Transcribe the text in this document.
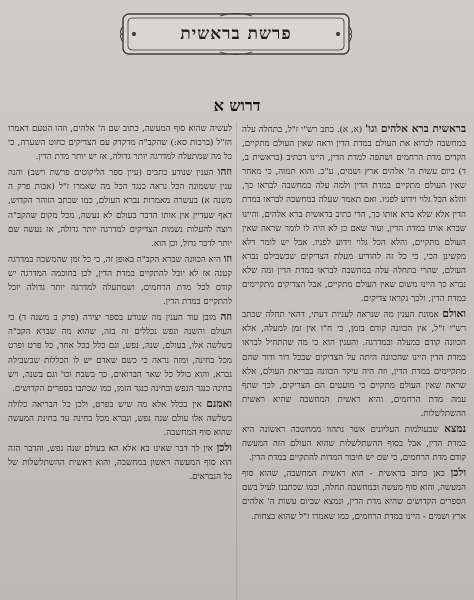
פרשת בראשית
דרוש א

בראשית ברא אלהים וגו' (א, א). כתב רש"י ז"ל, בתחלה עלה במחשבה לברוא את העולם במדת הדין וראה שאין העולם מתקיים, הקדים מדת הרחמים ושתפה למדת הדין, היינו דכתיב (בראשית ב, ד) ביום עשות ה' אלהים ארץ ושמים, ע"כ. והוא תמוה, כי מאחר שאין העולם מתקיים במדת הדין ולמה עלה במחשבה לבראו כך, והלא הכל גלוי וידוע לפניו. ואם תאמר שעלה במחשבה לבראו במדת הדין אלא שלא ברא אותו כך, הרי כתיב בראשית ברא אלהים, והיינו שברא אותו במדת הדין, ועוד שאם כן לא היה לו לומר שראה שאין העולם מתקיים, והלא הכל גלוי וידוע לפניו. אבל יש לומר דלא מקשינן הכי, כי כל זה להודיע מעלת הצדיקים שבשבילם נברא העולם, שהרי בתחלה עלה במחשבה לבראו במדת הדין ומה שלא נברא כך היינו משום שאין העולם מתקיים, אבל הצדיקים מתקיימים במדת הדין, ולכך נקראו צדיקים.

ואולם אמונת הענין מה שנראה לעניות דעתי, דהאי תחלה שכתב רש"י ז"ל, אין הכוונה קודם בזמן, כי ח"ו אין זמן למעלה, אלא הכוונה קודם במעלה ובמדרגה. והענין הוא כי מה שהתחיל לבראו במדת הדין היינו שהכוונה היתה על הצדיקים שבכל דור ודור שהם מתקיימים במדת הדין, וזה היה עיקר הכוונה בבריאת העולם, אלא שראה שאין העולם מתקיים כי מועטים הם הצדיקים, לכך שתף עמה מדת הרחמים, והיא ראשית המחשבה שהיא ראשית ההשתלשלות.

נמצא שבעולמות העליונים אשר נתהוו ממחשבה ראשונה היא במדת הדין, אבל בסוף ההשתלשלות שהוא העולם הזה המעשה קודם מדת הרחמים, כי שם יש חיבור המדות להתקיים במדת הדין.

ולכן כאן כתוב בראשית - הוא ראשית המחשבה, שהוא סוף המעשה, והוא סוף מעשה ובמחשבה תחלה, וכמו שכתבנו לעיל בשם הספרים הקדושים שהיא מדת הדין, ונמצא שביום עשות ה' אלהים ארץ ושמים - היינו במדת הרחמים, כמו שאמרו ז"ל שהוא בצחות.

לעשיה שהוא סוף המעשה, כתוב שם ה' אלהים, וזהו הטעם דאמרו חז"ל (ברכות סא:) שהקב"ה מדקדק עם הצדיקים כחוט השערה, כי כל מה שמתעלה למדרגה יותר גדולה, אז יש יותר מדת הדין.

וזהו הענין שנודע כתבים (עיין ספר הליקוטים פרשת וישב) והנה ענין ששמונה הכל נראה כנגד הכל מה שאמרו ז"ל (אבות פרק ה משנה א) בעשרה מאמרות נברא העולם, כמו שכתב הזוהר הקדוש, דאף שעדיין אין אותו הדבר בעולם לא נעשה, מכל מקום שהקב"ה רוצה להעלות נשמות הצדיקים למדרגה יותר גדולה, אז נעשה שם יותר לדבר גדול, וכן הוא.

וזו היא הכוונה שברא הקב"ה באופן זה, כי כל זמן שהמשכה במדרגה קטנה אז לא יוכל להתקיים במדת הדין, לכן בחוכמה המדרגה יש קודם לכל מדת הרחמים, ושמתעלה למדרגה יותר גדולה יוכל להתקיים במדת הדין.

וזה מובן עוד הענין מה שנודע בספר יצירה (פרק ב משנה ד) כי העולם והשנה ונפש נכללים זה בזה, שהוא מה שברא הקב"ה בשלשה אלו, בעולם, שנה, נפש, וגם כלל בכל אחד, כל פרט ופרט מכל בחינה, ומזה נראה כי כשם שאדם יש לו הכללות שבשבילה נברא, והוא כולל כל שאר הברואים, כך בשבת וכו' וגם בשנה, ויש בחינה כנגד הנפש ובחינה כנגד הזמן, כמו שכתבו בספרים הקדושים.

ואמנם אין בכלל אלא מה שיש בפרט, ולכן כל הבריאה כלולה בשלשה אלו עולם שנה נפש, ונברא מכל בחינה עד בחינת המעשה שהוא סוף המחשבה.

ולכן אין לך דבר שאינו בא אלא הא בעולם שנה נפש, והדבר הזה הוא סוף המעשה ראשון במחשבה, והוא ראשית ההשתלשלות של כל הנבראים.
